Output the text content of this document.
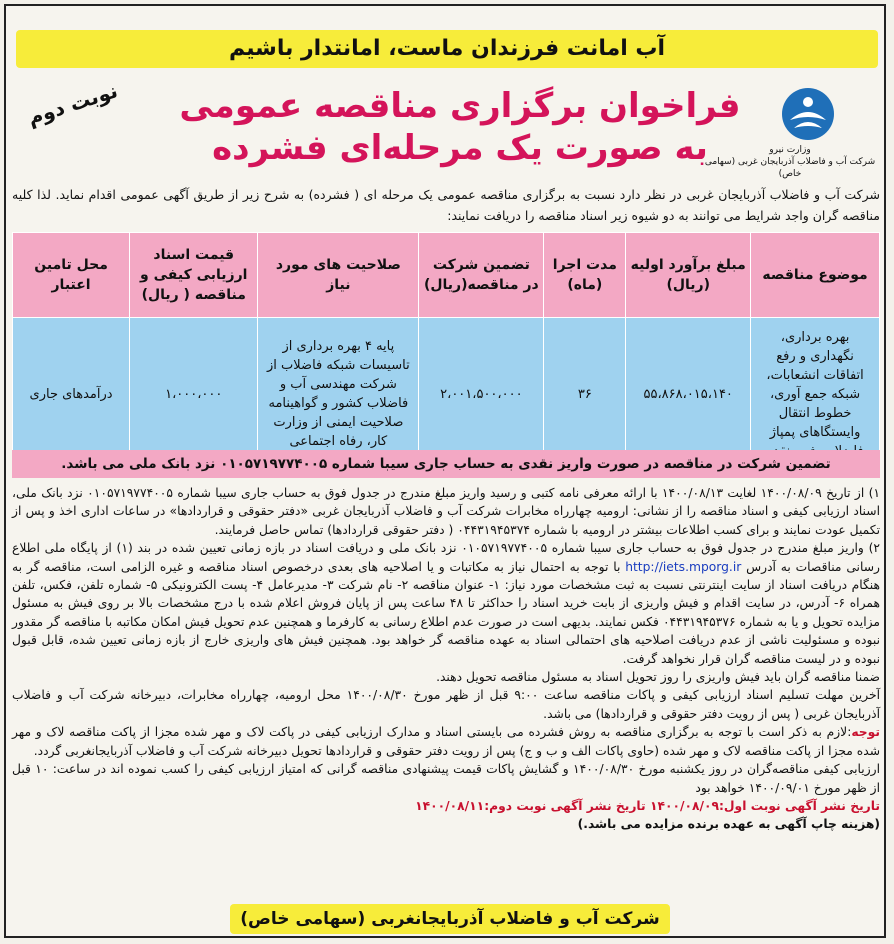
آب امانت فرزندان ماست، امانتدار باشیم
فراخوان برگزاری مناقصه عمومی
به صورت یک مرحله‌ای فشرده
نوبت دوم
وزارت نیرو
شرکت آب و فاضلاب آذربایجان غربی (سهامی خاص)
شرکت آب و فاضلاب آذربایجان غربی در نظر دارد نسبت به برگزاری مناقصه عمومی یک مرحله ای ( فشرده) به شرح زیر از طریق آگهی عمومی اقدام نماید. لذا کلیه مناقصه گران واجد شرایط می توانند به دو شیوه زیر اسناد مناقصه را دریافت نمایند:
موضوع مناقصه	مبلغ برآورد اولیه (ریال)	مدت اجرا (ماه)	تضمین شرکت در مناقصه(ریال)	صلاحیت های مورد نیاز	قیمت اسناد ارزیابی کیفی و مناقصه ( ریال)	محل تامین اعتبار
بهره برداری، نگهداری و رفع اتفاقات انشعابات، شبکه جمع آوری، خطوط انتقال وایستگاهای پمپاژ	۵۵،۸۶۸،۰۱۵،۱۴۰	۳۶	۲،۰۰۱،۵۰۰،۰۰۰	پایه ۴ بهره برداری از تاسیسات شبکه فاضلاب از شرکت مهندسی آب و فاضلاب کشور و گواهینامه صلاحیت ایمنی از وزارت کار، رفاه اجتماعی	۱،۰۰۰،۰۰۰	درآمدهای جاری
تضمین شرکت در مناقصه در صورت واریز نقدی به حساب جاری سیبا شماره ۰۱۰۵۷۱۹۷۷۴۰۰۵ نزد بانک ملی می باشد.

۱) از تاریخ ۱۴۰۰/۰۸/۰۹ لغایت ۱۴۰۰/۰۸/۱۳ با ارائه معرفی نامه کتبی و رسید واریز مبلغ مندرج در جدول فوق به حساب جاری سیبا شماره ۰۱۰۵۷۱۹۷۷۴۰۰۵ نزد بانک ملی، اسناد ارزیابی کیفی و اسناد مناقصه را از نشانی: ارومیه چهارراه مخابرات شرکت آب و فاضلاب آذربایجان غربی «دفتر حقوقی و قراردادها» در ساعات اداری اخذ و پس از تکمیل عودت نمایند و برای کسب اطلاعات بیشتر در ارومیه با شماره ۰۴۴۳۱۹۴۵۳۷۴ ( دفتر حقوقی قراردادها) تماس حاصل فرمایند.

۲) واریز مبلغ مندرج در جدول فوق به حساب جاری سیبا شماره ۰۱۰۵۷۱۹۷۷۴۰۰۵ نزد بانک ملی و دریافت اسناد در بازه زمانی تعیین شده در بند (۱) از پایگاه ملی اطلاع رسانی مناقصات به آدرس http://iets.mporg.ir با توجه به احتمال نیاز به مکاتبات و یا اصلاحیه های بعدی درخصوص اسناد مناقصه و غیره الزامی است، مناقصه گر به هنگام دریافت اسناد از سایت اینترنتی نسبت به ثبت مشخصات مورد نیاز: ۱- عنوان مناقصه ۲- نام شرکت ۳- مدیرعامل ۴- پست الکترونیکی ۵- شماره تلفن، فکس، تلفن همراه ۶- آدرس، در سایت اقدام و فیش واریزی از بابت خرید اسناد را حداکثر تا ۴۸ ساعت پس از پایان فروش اعلام شده با درج مشخصات بالا بر روی فیش به مسئول مزایده تحویل و یا به شماره ۰۴۴۳۱۹۴۵۳۷۶ فکس نمایند. بدیهی است در صورت عدم اطلاع رسانی به کارفرما و همچنین عدم تحویل فیش امکان مکاتبه با مناقصه گر مقدور نبوده و مسئولیت ناشی از عدم دریافت اصلاحیه های احتمالی اسناد به عهده مناقصه گر خواهد بود. همچنین فیش های واریزی خارج از بازه زمانی تعیین شده، قابل قبول نبوده و در لیست مناقصه گران قرار نخواهد گرفت.

ضمنا مناقصه گران باید فیش واریزی را روز تحویل اسناد به مسئول مناقصه تحویل دهند.

آخرین مهلت تسلیم اسناد ارزیابی کیفی و پاکات مناقصه ساعت ۹:۰۰ قبل از ظهر مورخ ۱۴۰۰/۰۸/۳۰ محل ارومیه، چهارراه مخابرات، دبیرخانه شرکت آب و فاضلاب آذربایجان غربی ( پس از رویت دفتر حقوقی و قراردادها) می باشد.

توجه:لازم به ذکر است با توجه به برگزاری مناقصه به روش فشرده می بایستی اسناد و مدارک ارزیابی کیفی در پاکت لاک و مهر شده مجزا از پاکت مناقصه لاک و مهر شده مجزا از پاکت مناقصه لاک و مهر شده (حاوی پاکات الف و ب و ج) پس از رویت دفتر حقوقی و قراردادها تحویل دبیرخانه شرکت آب و فاضلاب آذربایجانغربی گردد.

ارزیابی کیفی مناقصه‌گران در روز یکشنبه مورخ ۱۴۰۰/۰۸/۳۰ و گشایش پاکات قیمت پیشنهادی مناقصه گرانی که امتیاز ارزیابی کیفی را کسب نموده اند در ساعت: ۱۰ قبل از ظهر مورخ ۱۴۰۰/۰۹/۰۱ خواهد بود

تاریخ نشر آگهی نوبت اول:۱۴۰۰/۰۸/۰۹ تاریخ نشر آگهی نوبت دوم:۱۴۰۰/۰۸/۱۱

(هزینه چاپ آگهی به عهده برنده مزایده می باشد.)

شرکت آب و فاضلاب آذربایجانغربی (سهامی خاص)
